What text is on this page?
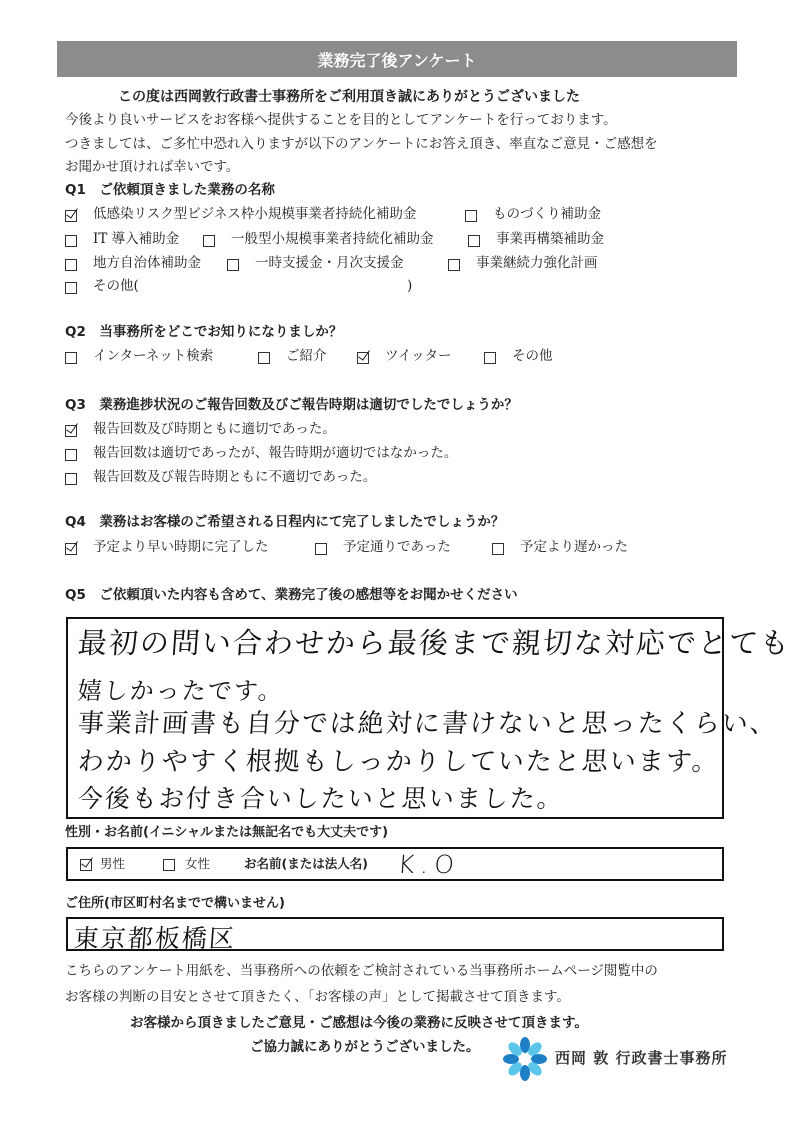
業務完了後アンケート
この度は西岡敦行政書士事務所をご利用頂き誠にありがとうございました
今後より良いサービスをお客様へ提供することを目的としてアンケートを行っております。
つきましては、ご多忙中恐れ入りますが以下のアンケートにお答え頂き、率直なご意見・ご感想を
お聞かせ頂ければ幸いです。
Q1　ご依頼頂きました業務の名称
低感染リスク型ビジネス枠小規模事業者持続化補助金	ものづくり補助金
IT 導入補助金	一般型小規模事業者持続化補助金	事業再構築補助金
地方自治体補助金	一時支援金・月次支援金	事業継続力強化計画
その他(	)
Q2　当事務所をどこでお知りになりましか？
インターネット検索	ご紹介	ツイッター	その他
Q3　業務進捗状況のご報告回数及びご報告時期は適切でしたでしょうか？
報告回数及び時期ともに適切であった。
報告回数は適切であったが、報告時期が適切ではなかった。
報告回数及び報告時期ともに不適切であった。
Q4　業務はお客様のご希望される日程内にて完了しましたでしょうか？
予定より早い時期に完了した	予定通りであった	予定より遅かった
Q5　ご依頼頂いた内容も含めて、業務完了後の感想等をお聞かせください
最初の問い合わせから最後まで親切な対応でとても
嬉しかったです。
事業計画書も自分では絶対に書けないと思ったくらい、
わかりやすく根拠もしっかりしていたと思います。
今後もお付き合いしたいと思いました。
性別・お名前(イニシャルまたは無記名でも大丈夫です)
男性	女性	お名前(または法人名) K.O
ご住所(市区町村名までで構いません)
東京都板橋区
こちらのアンケート用紙を、当事務所への依頼をご検討されている当事務所ホームページ閲覧中の
お客様の判断の目安とさせて頂きたく、「お客様の声」として掲載させて頂きます。
お客様から頂きましたご意見・ご感想は今後の業務に反映させて頂きます。
ご協力誠にありがとうございました。
西岡 敦 行政書士事務所
